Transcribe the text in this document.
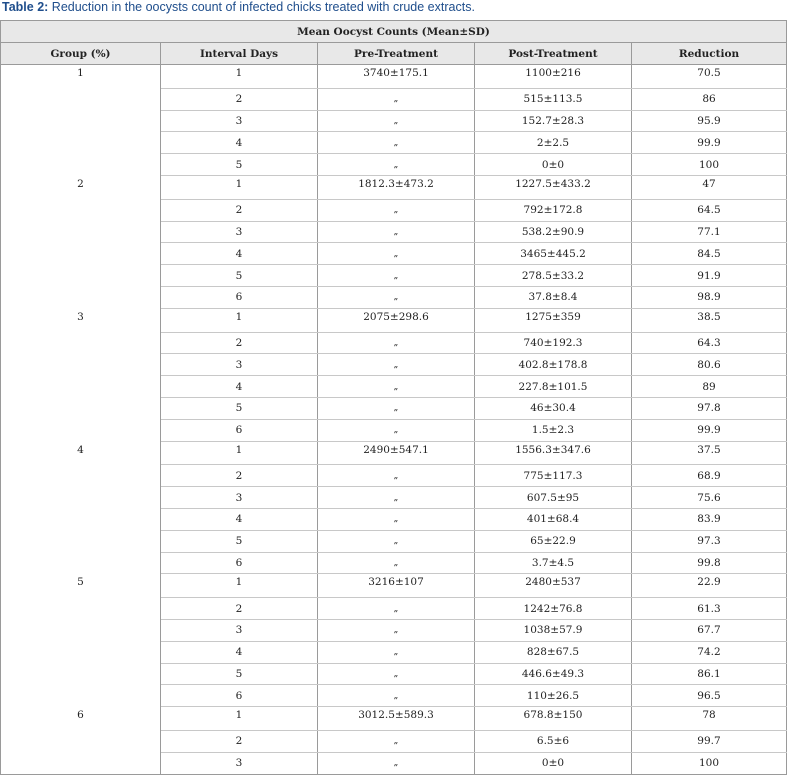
Table 2: Reduction in the oocysts count of infected chicks treated with crude extracts.
Mean Oocyst Counts (Mean±SD)				
Group (%)	Interval Days	Pre-Treatment	Post-Treatment	Reduction
1	1	3740±175.1	1100±216	70.5
	2	„	515±113.5	86
	3	„	152.7±28.3	95.9
	4	„	2±2.5	99.9
	5	„	0±0	100
2	1	1812.3±473.2	1227.5±433.2	47
	2	„	792±172.8	64.5
	3	„	538.2±90.9	77.1
	4	„	3465±445.2	84.5
	5	„	278.5±33.2	91.9
	6	„	37.8±8.4	98.9
3	1	2075±298.6	1275±359	38.5
	2	„	740±192.3	64.3
	3	„	402.8±178.8	80.6
	4	„	227.8±101.5	89
	5	„	46±30.4	97.8
	6	„	1.5±2.3	99.9
4	1	2490±547.1	1556.3±347.6	37.5
	2	„	775±117.3	68.9
	3	„	607.5±95	75.6
	4	„	401±68.4	83.9
	5	„	65±22.9	97.3
	6	„	3.7±4.5	99.8
5	1	3216±107	2480±537	22.9
	2	„	1242±76.8	61.3
	3	„	1038±57.9	67.7
	4	„	828±67.5	74.2
	5	„	446.6±49.3	86.1
	6	„	110±26.5	96.5
6	1	3012.5±589.3	678.8±150	78
	2	„	6.5±6	99.7
	3	„	0±0	100
